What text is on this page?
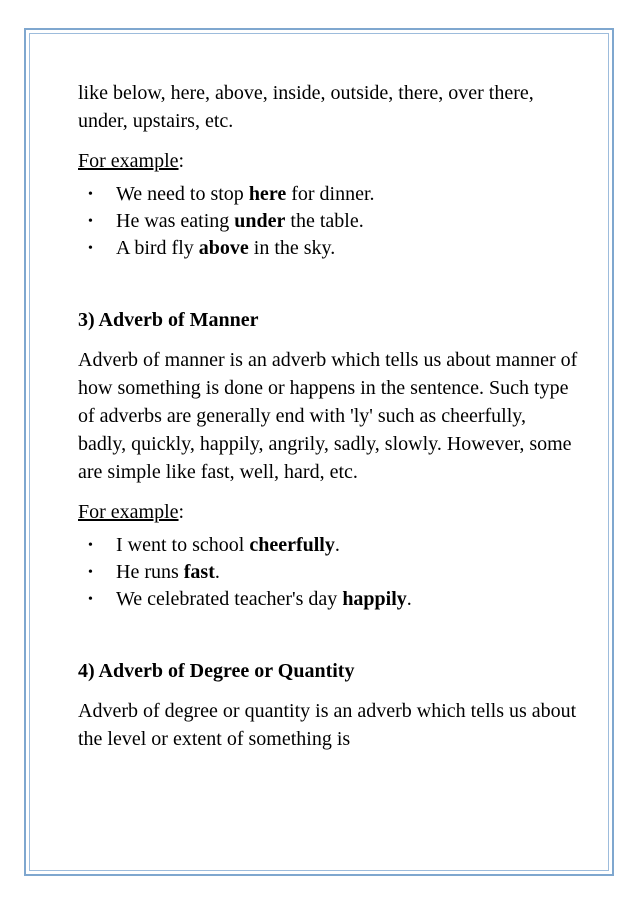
like below, here, above, inside, outside, there, over there, under, upstairs, etc.

For example:

• We need to stop here for dinner.
• He was eating under the table.
• A bird fly above in the sky.
3) Adverb of Manner

Adverb of manner is an adverb which tells us about manner of how something is done or happens in the sentence. Such type of adverbs are generally end with 'ly' such as cheerfully, badly, quickly, happily, angrily, sadly, slowly. However, some are simple like fast, well, hard, etc.

For example:

• I went to school cheerfully.
• He runs fast.
• We celebrated teacher's day happily.
4) Adverb of Degree or Quantity

Adverb of degree or quantity is an adverb which tells us about the level or extent of something is
